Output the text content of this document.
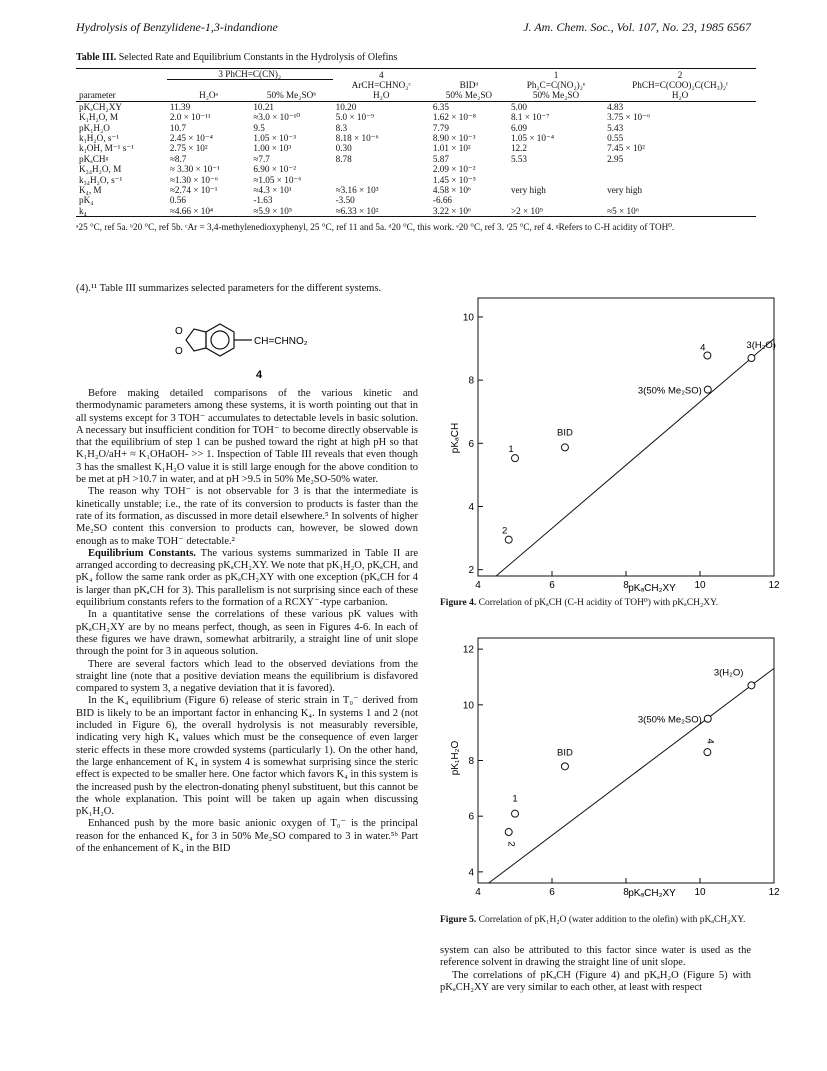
Hydrolysis of Benzylidene-1,3-indandione	J. Am. Chem. Soc., Vol. 107, No. 23, 1985 6567
Table III. Selected Rate and Equilibrium Constants in the Hydrolysis of Olefins
	3 PhCH=C(CN)₂		4		1	2
			ArCH=CHNO₂ᶜ	BIDᵈ	Ph₂C=C(NO₂)₂ᵉ	PhCH=C(COO)₂C(CH₃)₂ᶠ
parameter	H₂Oᵃ	50% Me₂SOᵇ	H₂O	50% Me₂SO	50% Me₂SO	H₂O
pKₐCH₂XY	11.39	10.21	10.20	6.35	5.00	4.83
K₁H₂O, M	2.0 × 10⁻¹¹	≈3.0 × 10⁻¹⁰	5.0 × 10⁻⁹	1.62 × 10⁻⁸	8.1 × 10⁻⁷	3.75 × 10⁻⁶
pK₁H₂O	10.7	9.5	8.3	7.79	6.09	5.43
k₁H₂O, s⁻¹	2.45 × 10⁻⁴	1.05 × 10⁻³	8.18 × 10⁻⁶	8.90 × 10⁻³	1.05 × 10⁻⁴	0.55
k₁OH, M⁻¹ s⁻¹	2.75 × 10²	1.00 × 10³	0.30	1.01 × 10²	12.2	7.45 × 10²
pKₐCHᵍ	≈8.7	≈7.7	8.78	5.87	5.53	2.95
K₃₄H₂O, M	≈ 3.30 × 10⁻¹	6.90 × 10⁻²		2.09 × 10⁻²		
k₃₄H₂O, s⁻¹	≈1.30 × 10⁻⁶	≈1.05 × 10⁻⁶		1.45 × 10⁻⁵		
K₄, M	≈2.74 × 10⁻¹	≈4.3 × 10¹	≈3.16 × 10³	4.58 × 10⁶	very high	very high
pK₄	0.56	-1.63	-3.50	-6.66		
k₄	≈4.66 × 10⁴	≈5.9 × 10⁵	≈6.33 × 10²	3.22 × 10⁶	>2 × 10⁹	≈5 × 10⁶
ᵃ25 °C, ref 5a. ᵇ20 °C, ref 5b. ᶜAr = 3,4-methylenedioxyphenyl, 25 °C, ref 11 and 5a. ᵈ20 °C, this work. ᵉ20 °C, ref 3. ᶠ25 °C, ref 4. ᵍRefers to C-H acidity of TOH⁰.

(4).¹¹ Table III summarizes selected parameters for the different systems.

CH=CHNO₂
O
O
4

Before making detailed comparisons of the various kinetic and thermodynamic parameters among these systems, it is worth pointing out that in all systems except for 3 TOH⁻ accumulates to detectable levels in basic solution. A necessary but insufficient condition for TOH⁻ to become directly observable is that the equilibrium of step 1 can be pushed toward the right at high pH so that K₁H₂O/aH+ ≈ K₁OHaOH- >> 1. Inspection of Table III reveals that even though 3 has the smallest K₁H₂O value it is still large enough for the above condition to be met at pH >10.7 in water, and at pH >9.5 in 50% Me₂SO-50% water.

The reason why TOH⁻ is not observable for 3 is that the intermediate is kinetically unstable; i.e., the rate of its conversion to products is faster than the rate of its formation, as discussed in more detail elsewhere.⁵ In solvents of higher Me₂SO content this conversion to products can, however, be slowed down enough as to make TOH⁻ detectable.²

Equilibrium Constants. The various systems summarized in Table II are arranged according to decreasing pKₐCH₂XY. We note that pK₁H₂O, pKₐCH, and pK₄ follow the same rank order as pKₐCH₂XY with one exception (pKₐCH for 4 is larger than pKₐCH for 3). This parallelism is not surprising since each of these equilibrium constants refers to the formation of a RCXY⁻-type carbanion.

In a quantitative sense the correlations of these various pK values with pKₐCH₂XY are by no means perfect, though, as seen in Figures 4-6. In each of these figures we have drawn, somewhat arbitrarily, a straight line of unit slope through the point for 3 in aqueous solution.

There are several factors which lead to the observed deviations from the straight line (note that a positive deviation means the equilibrium is disfavored compared to system 3, a negative deviation that it is favored).

In the K₄ equilibrium (Figure 6) release of steric strain in T₀⁻ derived from BID is likely to be an important factor in enhancing K₄. In systems 1 and 2 (not included in Figure 6), the overall hydrolysis is not measurably reversible, indicating very high K₄ values which must be the consequence of even larger steric effects in these more crowded systems (particularly 1). On the other hand, the large enhancement of K₄ in system 4 is somewhat surprising since the steric effect is expected to be smaller here. One factor which favors K₄ in this system is the increased push by the electron-donating phenyl substituent, but this cannot be the whole explanation. This point will be taken up again when discussing pK₁H₂O.

Enhanced push by the more basic anionic oxygen of T₀⁻ is the principal reason for the enhanced K₄ for 3 in 50% Me₂SO compared to 3 in water.⁵ᵇ Part of the enhancement of K₄ in the BID

pKₐCH
pKₐCH₂XY
4	6	8	10	12
2
4
6
8
10
4	3(H₂O)
3(50% Me₂SO)
BID
1
2
Figure 4. Correlation of pKₐCH (C-H acidity of TOH⁰) with pKₐCH₂XY.
pK₁H₂O
pKₐCH₂XY
4	6	8	10	12
4
6
8
10
12
3(H₂O)
3(50% Me₂SO)
BID
4
1
2
Figure 5. Correlation of pK₁H₂O (water addition to the olefin) with pKₐCH₂XY.

system can also be attributed to this factor since water is used as the reference solvent in drawing the straight line of unit slope.

The correlations of pKₐCH (Figure 4) and pKₐH₂O (Figure 5) with pKₐCH₂XY are very similar to each other, at least with respect
